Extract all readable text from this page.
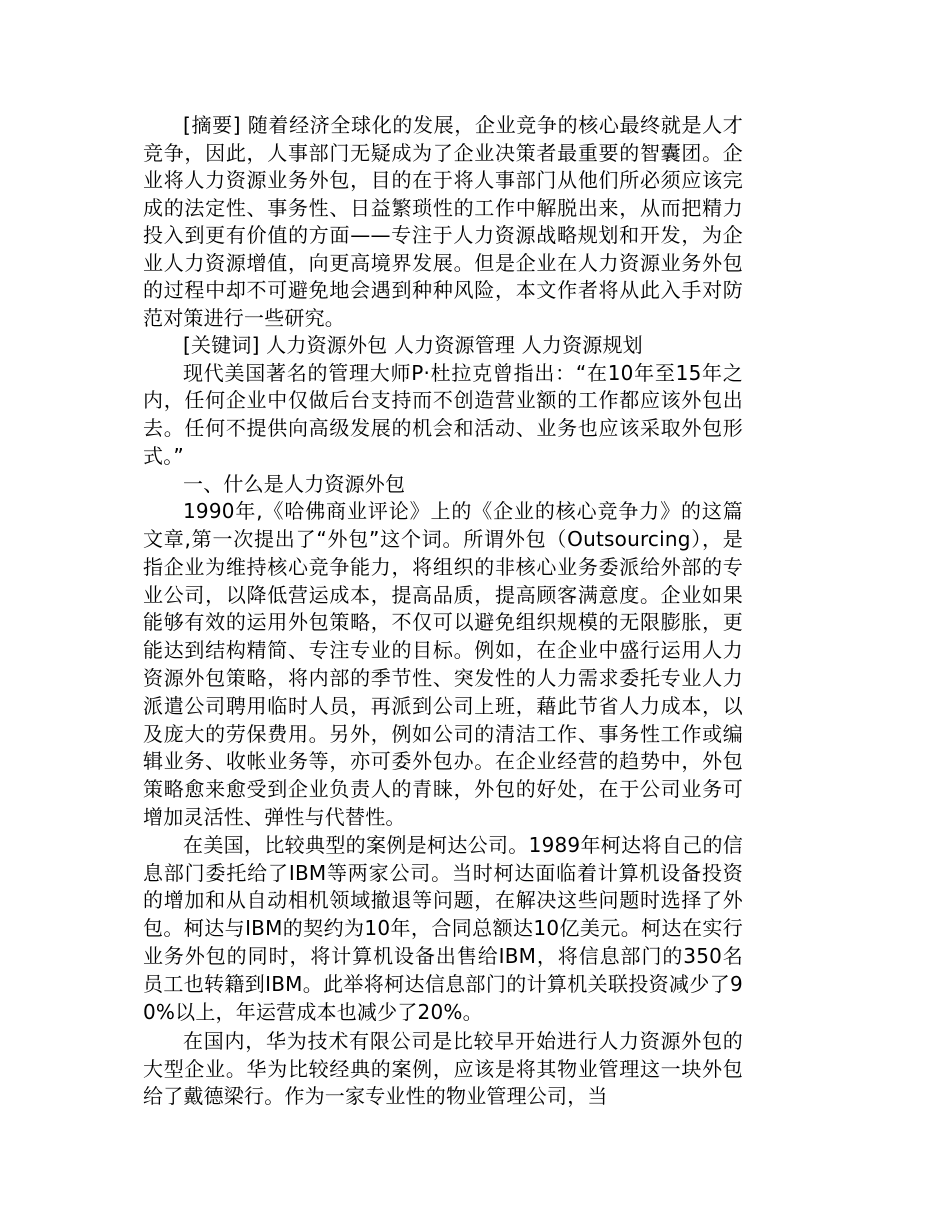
[摘要] 随着经济全球化的发展，企业竞争的核心最终就是人才竞争，因此，人事部门无疑成为了企业决策者最重要的智囊团。企业将人力资源业务外包，目的在于将人事部门从他们所必须应该完成的法定性、事务性、日益繁琐性的工作中解脱出来，从而把精力投入到更有价值的方面——专注于人力资源战略规划和开发，为企业人力资源增值，向更高境界发展。但是企业在人力资源业务外包的过程中却不可避免地会遇到种种风险，本文作者将从此入手对防范对策进行一些研究。

[关键词] 人力资源外包 人力资源管理 人力资源规划

现代美国著名的管理大师P·杜拉克曾指出：“在10年至15年之内，任何企业中仅做后台支持而不创造营业额的工作都应该外包出去。任何不提供向高级发展的机会和活动、业务也应该采取外包形式。”

一、什么是人力资源外包

1990年,《哈佛商业评论》上的《企业的核心竞争力》的这篇文章,第一次提出了“外包”这个词。所谓外包（Outsourcing），是指企业为维持核心竞争能力，将组织的非核心业务委派给外部的专业公司，以降低营运成本，提高品质，提高顾客满意度。企业如果能够有效的运用外包策略，不仅可以避免组织规模的无限膨胀，更能达到结构精简、专注专业的目标。例如，在企业中盛行运用人力资源外包策略，将内部的季节性、突发性的人力需求委托专业人力派遣公司聘用临时人员，再派到公司上班，藉此节省人力成本，以及庞大的劳保费用。另外，例如公司的清洁工作、事务性工作或编辑业务、收帐业务等，亦可委外包办。在企业经营的趋势中，外包策略愈来愈受到企业负责人的青睐，外包的好处，在于公司业务可增加灵活性、弹性与代替性。

在美国，比较典型的案例是柯达公司。1989年柯达将自己的信息部门委托给了IBM等两家公司。当时柯达面临着计算机设备投资的增加和从自动相机领域撤退等问题，在解决这些问题时选择了外包。柯达与IBM的契约为10年，合同总额达10亿美元。柯达在实行业务外包的同时，将计算机设备出售给IBM，将信息部门的350名员工也转籍到IBM。此举将柯达信息部门的计算机关联投资减少了90%以上，年运营成本也减少了20%。

在国内，华为技术有限公司是比较早开始进行人力资源外包的大型企业。华为比较经典的案例，应该是将其物业管理这一块外包给了戴德梁行。作为一家专业性的物业管理公司，当
